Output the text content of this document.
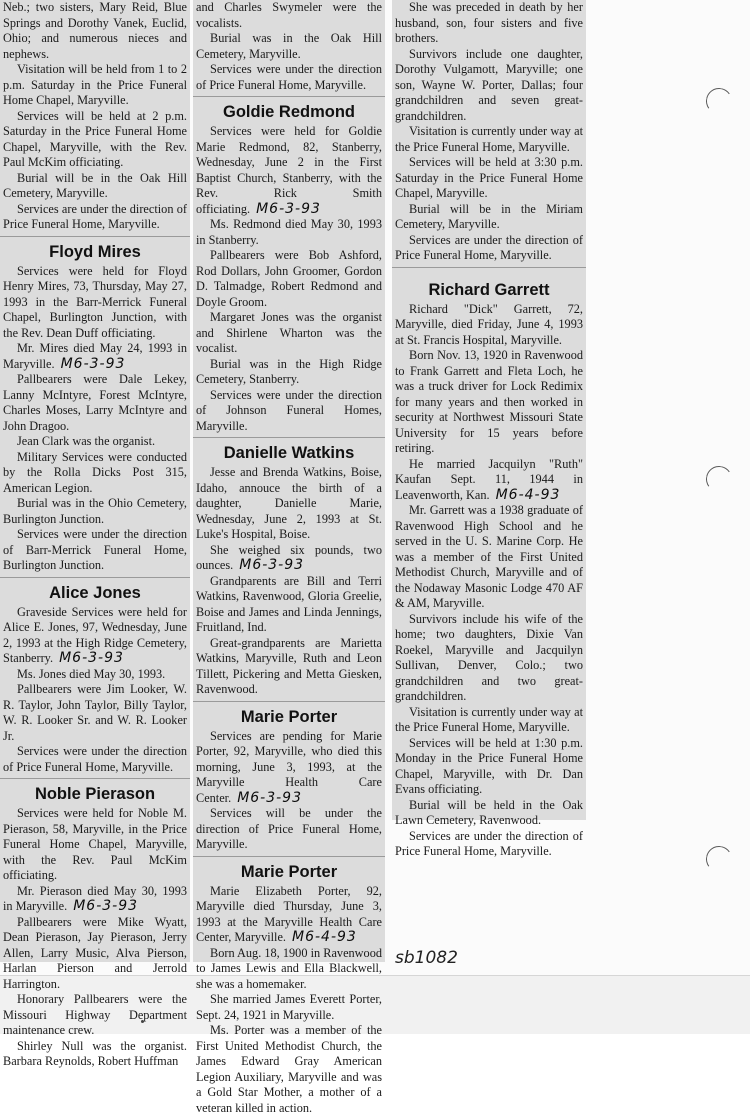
Neb.; two sisters, Mary Reid, Blue Springs and Dorothy Vanek, Euclid, Ohio; and numerous nieces and nephews.

Visitation will be held from 1 to 2 p.m. Saturday in the Price Funeral Home Chapel, Maryville.

Services will be held at 2 p.m. Saturday in the Price Funeral Home Chapel, Maryville, with the Rev. Paul McKim officiating.

Burial will be in the Oak Hill Cemetery, Maryville.

Services are under the direction of Price Funeral Home, Maryville.

Floyd Mires

Services were held for Floyd Henry Mires, 73, Thursday, May 27, 1993 in the Barr-Merrick Funeral Chapel, Burlington Junction, with the Rev. Dean Duff officiating.

Mr. Mires died May 24, 1993 in Maryville. M6-3-93

Pallbearers were Dale Lekey, Lanny McIntyre, Forest McIntyre, Charles Moses, Larry McIntyre and John Dragoo.

Jean Clark was the organist.

Military Services were conducted by the Rolla Dicks Post 315, American Legion.

Burial was in the Ohio Cemetery, Burlington Junction.

Services were under the direction of Barr-Merrick Funeral Home, Burlington Junction.

Alice Jones

Graveside Services were held for Alice E. Jones, 97, Wednesday, June 2, 1993 at the High Ridge Cemetery, Stanberry. M6-3-93

Ms. Jones died May 30, 1993.

Pallbearers were Jim Looker, W. R. Taylor, John Taylor, Billy Taylor, W. R. Looker Sr. and W. R. Looker Jr.

Services were under the direction of Price Funeral Home, Maryville.

Noble Pierason

Services were held for Noble M. Pierason, 58, Maryville, in the Price Funeral Home Chapel, Maryville, with the Rev. Paul McKim officiating.

Mr. Pierason died May 30, 1993 in Maryville. M6-3-93

Pallbearers were Mike Wyatt, Dean Pierason, Jay Pierason, Jerry Allen, Larry Music, Alva Pierson, Harlan Pierson and Jerrold Harrington.

Honorary Pallbearers were the Missouri Highway Department maintenance crew.

Shirley Null was the organist. Barbara Reynolds, Robert Huffman

and Charles Swymeler were the vocalists.

Burial was in the Oak Hill Cemetery, Maryville.

Services were under the direction of Price Funeral Home, Maryville.

Goldie Redmond

Services were held for Goldie Marie Redmond, 82, Stanberry, Wednesday, June 2 in the First Baptist Church, Stanberry, with the Rev. Rick Smith officiating. M6-3-93

Ms. Redmond died May 30, 1993 in Stanberry.

Pallbearers were Bob Ashford, Rod Dollars, John Groomer, Gordon D. Talmadge, Robert Redmond and Doyle Groom.

Margaret Jones was the organist and Shirlene Wharton was the vocalist.

Burial was in the High Ridge Cemetery, Stanberry.

Services were under the direction of Johnson Funeral Homes, Maryville.

Danielle Watkins

Jesse and Brenda Watkins, Boise, Idaho, annouce the birth of a daughter, Danielle Marie, Wednesday, June 2, 1993 at St. Luke's Hospital, Boise.

She weighed six pounds, two ounces. M6-3-93

Grandparents are Bill and Terri Watkins, Ravenwood, Gloria Greelie, Boise and James and Linda Jennings, Fruitland, Ind.

Great-grandparents are Marietta Watkins, Maryville, Ruth and Leon Tillett, Pickering and Metta Giesken, Ravenwood.

Marie Porter

Services are pending for Marie Porter, 92, Maryville, who died this morning, June 3, 1993, at the Maryville Health Care Center. M6-3-93

Services will be under the direction of Price Funeral Home, Maryville.

Marie Porter

Marie Elizabeth Porter, 92, Maryville died Thursday, June 3, 1993 at the Maryville Health Care Center, Maryville. M6-4-93

Born Aug. 18, 1900 in Ravenwood to James Lewis and Ella Blackwell, she was a homemaker.

She married James Everett Porter, Sept. 24, 1921 in Maryville.

Ms. Porter was a member of the First United Methodist Church, the James Edward Gray American Legion Auxiliary, Maryville and was a Gold Star Mother, a mother of a veteran killed in action.

She was preceded in death by her husband, son, four sisters and five brothers.

Survivors include one daughter, Dorothy Vulgamott, Maryville; one son, Wayne W. Porter, Dallas; four grandchildren and seven great-grandchildren.

Visitation is currently under way at the Price Funeral Home, Maryville.

Services will be held at 3:30 p.m. Saturday in the Price Funeral Home Chapel, Maryville.

Burial will be in the Miriam Cemetery, Maryville.

Services are under the direction of Price Funeral Home, Maryville.

Richard Garrett

Richard "Dick" Garrett, 72, Maryville, died Friday, June 4, 1993 at St. Francis Hospital, Maryville.

Born Nov. 13, 1920 in Ravenwood to Frank Garrett and Fleta Loch, he was a truck driver for Lock Redimix for many years and then worked in security at Northwest Missouri State University for 15 years before retiring.

He married Jacquilyn "Ruth" Kaufan Sept. 11, 1944 in Leavenworth, Kan. M6-4-93

Mr. Garrett was a 1938 graduate of Ravenwood High School and he served in the U. S. Marine Corp. He was a member of the First United Methodist Church, Maryville and of the Nodaway Masonic Lodge 470 AF & AM, Maryville.

Survivors include his wife of the home; two daughters, Dixie Van Roekel, Maryville and Jacquilyn Sullivan, Denver, Colo.; two grandchildren and two great-grandchildren.

Visitation is currently under way at the Price Funeral Home, Maryville.

Services will be held at 1:30 p.m. Monday in the Price Funeral Home Chapel, Maryville, with Dr. Dan Evans officiating.

Burial will be held in the Oak Lawn Cemetery, Ravenwood.

Services are under the direction of Price Funeral Home, Maryville.

sb1082
